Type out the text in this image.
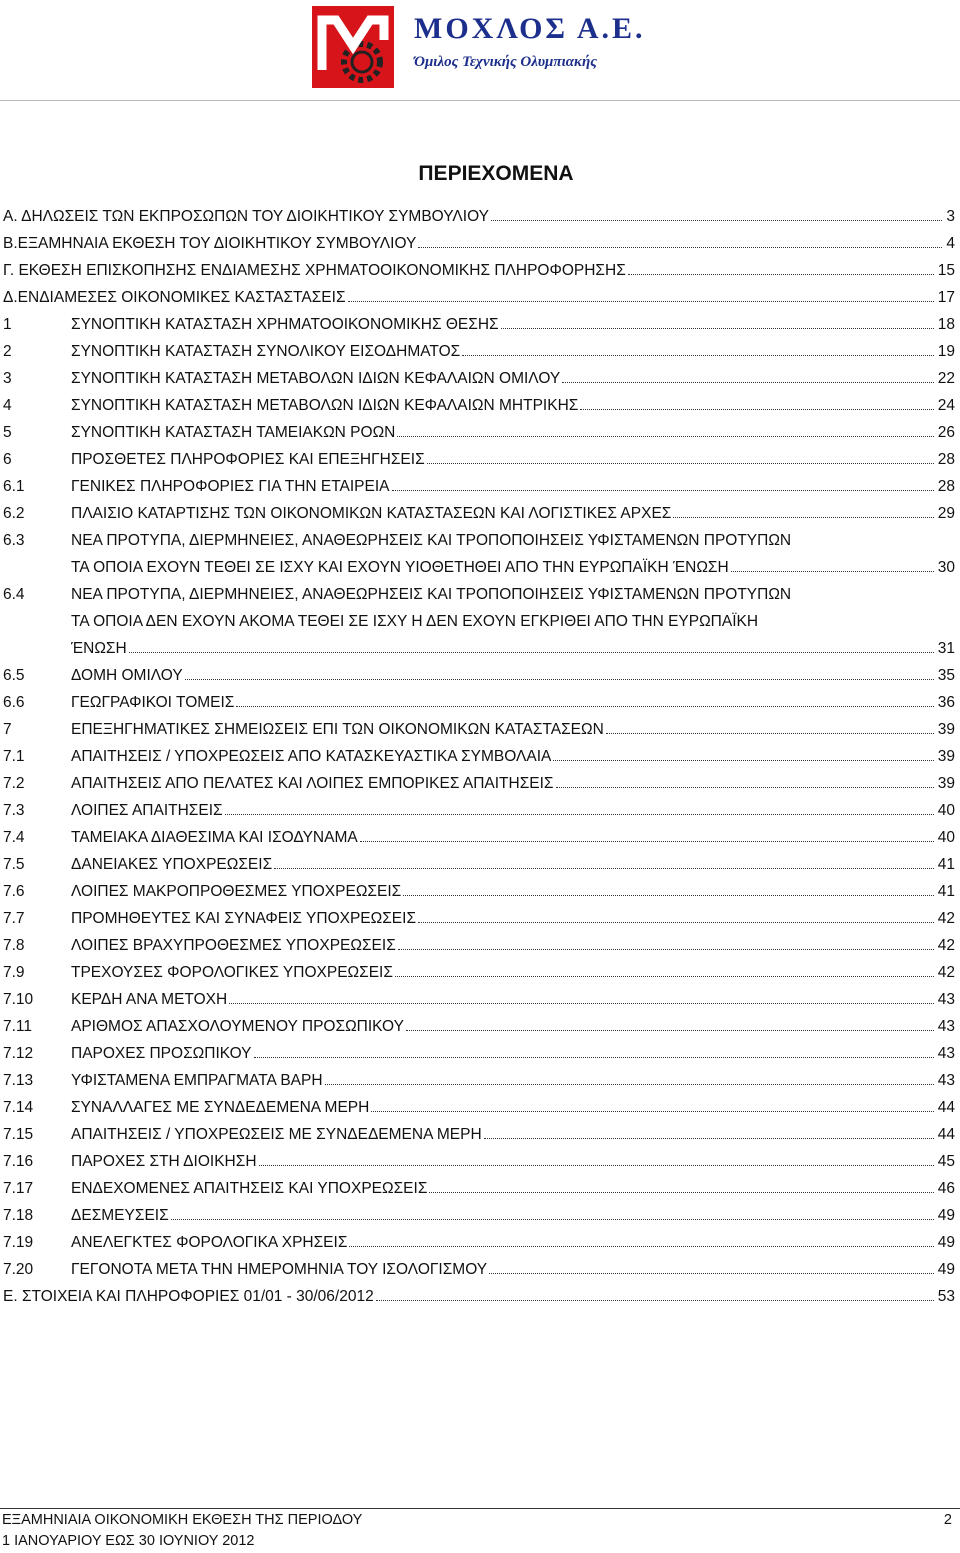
ΜΟΧΛΟΣ Α.Ε.
Όμιλος Τεχνικής Ολυμπιακής
ΠΕΡΙΕΧΟΜΕΝΑ
Α. ΔΗΛΩΣΕΙΣ ΤΩΝ ΕΚΠΡΟΣΩΠΩΝ ΤΟΥ ΔΙΟΙΚΗΤΙΚΟΥ ΣΥΜΒΟΥΛΙΟΥ	3
Β.ΕΞΑΜΗΝΑΙΑ ΕΚΘΕΣΗ ΤΟΥ ΔΙΟΙΚΗΤΙΚΟΥ ΣΥΜΒΟΥΛΙΟΥ	4
Γ. ΕΚΘΕΣΗ ΕΠΙΣΚΟΠΗΣΗΣ ΕΝΔΙΑΜΕΣΗΣ ΧΡΗΜΑΤΟΟΙΚΟΝΟΜΙΚΗΣ ΠΛΗΡΟΦΟΡΗΣΗΣ	15
Δ.ΕΝΔΙΑΜΕΣΕΣ ΟΙΚΟΝΟΜΙΚΕΣ ΚΑΣΤΑΣΤΑΣΕΙΣ	17
1	ΣΥΝΟΠΤΙΚΗ ΚΑΤΑΣΤΑΣΗ ΧΡΗΜΑΤΟΟΙΚΟΝΟΜΙΚΗΣ ΘΕΣΗΣ	18
2	ΣΥΝΟΠΤΙΚΗ ΚΑΤΑΣΤΑΣΗ ΣΥΝΟΛΙΚΟΥ ΕΙΣΟΔΗΜΑΤΟΣ	19
3	ΣΥΝΟΠΤΙΚΗ ΚΑΤΑΣΤΑΣΗ ΜΕΤΑΒΟΛΩΝ ΙΔΙΩΝ ΚΕΦΑΛΑΙΩΝ ΟΜΙΛΟΥ	22
4	ΣΥΝΟΠΤΙΚΗ ΚΑΤΑΣΤΑΣΗ ΜΕΤΑΒΟΛΩΝ ΙΔΙΩΝ ΚΕΦΑΛΑΙΩΝ ΜΗΤΡΙΚΗΣ	24
5	ΣΥΝΟΠΤΙΚΗ ΚΑΤΑΣΤΑΣΗ ΤΑΜΕΙΑΚΩΝ ΡΟΩΝ	26
6	ΠΡΟΣΘΕΤΕΣ ΠΛΗΡΟΦΟΡΙΕΣ ΚΑΙ ΕΠΕΞΗΓΗΣΕΙΣ	28
6.1	ΓΕΝΙΚΕΣ ΠΛΗΡΟΦΟΡΙΕΣ ΓΙΑ ΤΗΝ ΕΤΑΙΡΕΙΑ	28
6.2	ΠΛΑΙΣΙΟ ΚΑΤΑΡΤΙΣΗΣ ΤΩΝ ΟΙΚΟΝΟΜΙΚΩΝ ΚΑΤΑΣΤΑΣΕΩΝ ΚΑΙ ΛΟΓΙΣΤΙΚΕΣ ΑΡΧΕΣ	29
6.3	ΝΕΑ ΠΡΟΤΥΠΑ, ΔΙΕΡΜΗΝΕΙΕΣ, ΑΝΑΘΕΩΡΗΣΕΙΣ ΚΑΙ ΤΡΟΠΟΠΟΙΗΣΕΙΣ ΥΦΙΣΤΑΜΕΝΩΝ ΠΡΟΤΥΠΩΝ
ΤΑ ΟΠΟΙΑ ΕΧΟΥΝ ΤΕΘΕΙ ΣΕ ΙΣΧΥ ΚΑΙ ΕΧΟΥΝ ΥΙΟΘΕΤΗΘΕΙ ΑΠΟ ΤΗΝ ΕΥΡΩΠΑΪΚΗ ΈΝΩΣΗ	30
6.4	ΝΕΑ ΠΡΟΤΥΠΑ, ΔΙΕΡΜΗΝΕΙΕΣ, ΑΝΑΘΕΩΡΗΣΕΙΣ ΚΑΙ ΤΡΟΠΟΠΟΙΗΣΕΙΣ ΥΦΙΣΤΑΜΕΝΩΝ ΠΡΟΤΥΠΩΝ
ΤΑ ΟΠΟΙΑ ΔΕΝ ΕΧΟΥΝ ΑΚΟΜΑ ΤΕΘΕΙ ΣΕ ΙΣΧΥ Η ΔΕΝ ΕΧΟΥΝ ΕΓΚΡΙΘΕΙ ΑΠΟ ΤΗΝ ΕΥΡΩΠΑΪΚΗ
ΈΝΩΣΗ	31
6.5	ΔΟΜΗ ΟΜΙΛΟΥ	35
6.6	ΓΕΩΓΡΑΦΙΚΟΙ ΤΟΜΕΙΣ	36
7	ΕΠΕΞΗΓΗΜΑΤΙΚΕΣ ΣΗΜΕΙΩΣΕΙΣ ΕΠΙ ΤΩΝ ΟΙΚΟΝΟΜΙΚΩΝ ΚΑΤΑΣΤΑΣΕΩΝ	39
7.1	ΑΠΑΙΤΗΣΕΙΣ / ΥΠΟΧΡΕΩΣΕΙΣ ΑΠΟ ΚΑΤΑΣΚΕΥΑΣΤΙΚΑ ΣΥΜΒΟΛΑΙΑ	39
7.2	ΑΠΑΙΤΗΣΕΙΣ ΑΠΟ ΠΕΛΑΤΕΣ ΚΑΙ ΛΟΙΠΕΣ ΕΜΠΟΡΙΚΕΣ ΑΠΑΙΤΗΣΕΙΣ	39
7.3	ΛΟΙΠΕΣ ΑΠΑΙΤΗΣΕΙΣ	40
7.4	ΤΑΜΕΙΑΚΑ ΔΙΑΘΕΣΙΜΑ ΚΑΙ ΙΣΟΔΥΝΑΜΑ	40
7.5	ΔΑΝΕΙΑΚΕΣ ΥΠΟΧΡΕΩΣΕΙΣ	41
7.6	ΛΟΙΠΕΣ ΜΑΚΡΟΠΡΟΘΕΣΜΕΣ ΥΠΟΧΡΕΩΣΕΙΣ	41
7.7	ΠΡΟΜΗΘΕΥΤΕΣ ΚΑΙ ΣΥΝΑΦΕΙΣ ΥΠΟΧΡΕΩΣΕΙΣ	42
7.8	ΛΟΙΠΕΣ ΒΡΑΧΥΠΡΟΘΕΣΜΕΣ ΥΠΟΧΡΕΩΣΕΙΣ	42
7.9	ΤΡΕΧΟΥΣΕΣ ΦΟΡΟΛΟΓΙΚΕΣ ΥΠΟΧΡΕΩΣΕΙΣ	42
7.10	ΚΕΡΔΗ ΑΝΑ ΜΕΤΟΧΗ	43
7.11	ΑΡΙΘΜΟΣ ΑΠΑΣΧΟΛΟΥΜΕΝΟΥ ΠΡΟΣΩΠΙΚΟΥ	43
7.12	ΠΑΡΟΧΕΣ ΠΡΟΣΩΠΙΚΟΥ	43
7.13	ΥΦΙΣΤΑΜΕΝΑ ΕΜΠΡΑΓΜΑΤΑ ΒΑΡΗ	43
7.14	ΣΥΝΑΛΛΑΓΕΣ ΜΕ ΣΥΝΔΕΔΕΜΕΝΑ ΜΕΡΗ	44
7.15	ΑΠΑΙΤΗΣΕΙΣ / ΥΠΟΧΡΕΩΣΕΙΣ ΜΕ ΣΥΝΔΕΔΕΜΕΝΑ ΜΕΡΗ	44
7.16	ΠΑΡΟΧΕΣ ΣΤΗ ΔΙΟΙΚΗΣΗ	45
7.17	ΕΝΔΕΧΟΜΕΝΕΣ ΑΠΑΙΤΗΣΕΙΣ ΚΑΙ ΥΠΟΧΡΕΩΣΕΙΣ	46
7.18	ΔΕΣΜΕΥΣΕΙΣ	49
7.19	ΑΝΕΛΕΓΚΤΕΣ ΦΟΡΟΛΟΓΙΚΑ ΧΡΗΣΕΙΣ	49
7.20	ΓΕΓΟΝΟΤΑ ΜΕΤΑ ΤΗΝ ΗΜΕΡΟΜΗΝΙΑ ΤΟΥ ΙΣΟΛΟΓΙΣΜΟΥ	49
Ε. ΣΤΟΙΧΕΙΑ ΚΑΙ ΠΛΗΡΟΦΟΡΙΕΣ 01/01 - 30/06/2012	53
ΕΞΑΜΗΝΙΑΙΑ ΟΙΚΟΝΟΜΙΚΗ ΕΚΘΕΣΗ ΤΗΣ ΠΕΡΙΟΔΟΥ
1 ΙΑΝΟΥΑΡΙΟΥ ΕΩΣ 30 ΙΟΥΝΙΟΥ 2012
2
